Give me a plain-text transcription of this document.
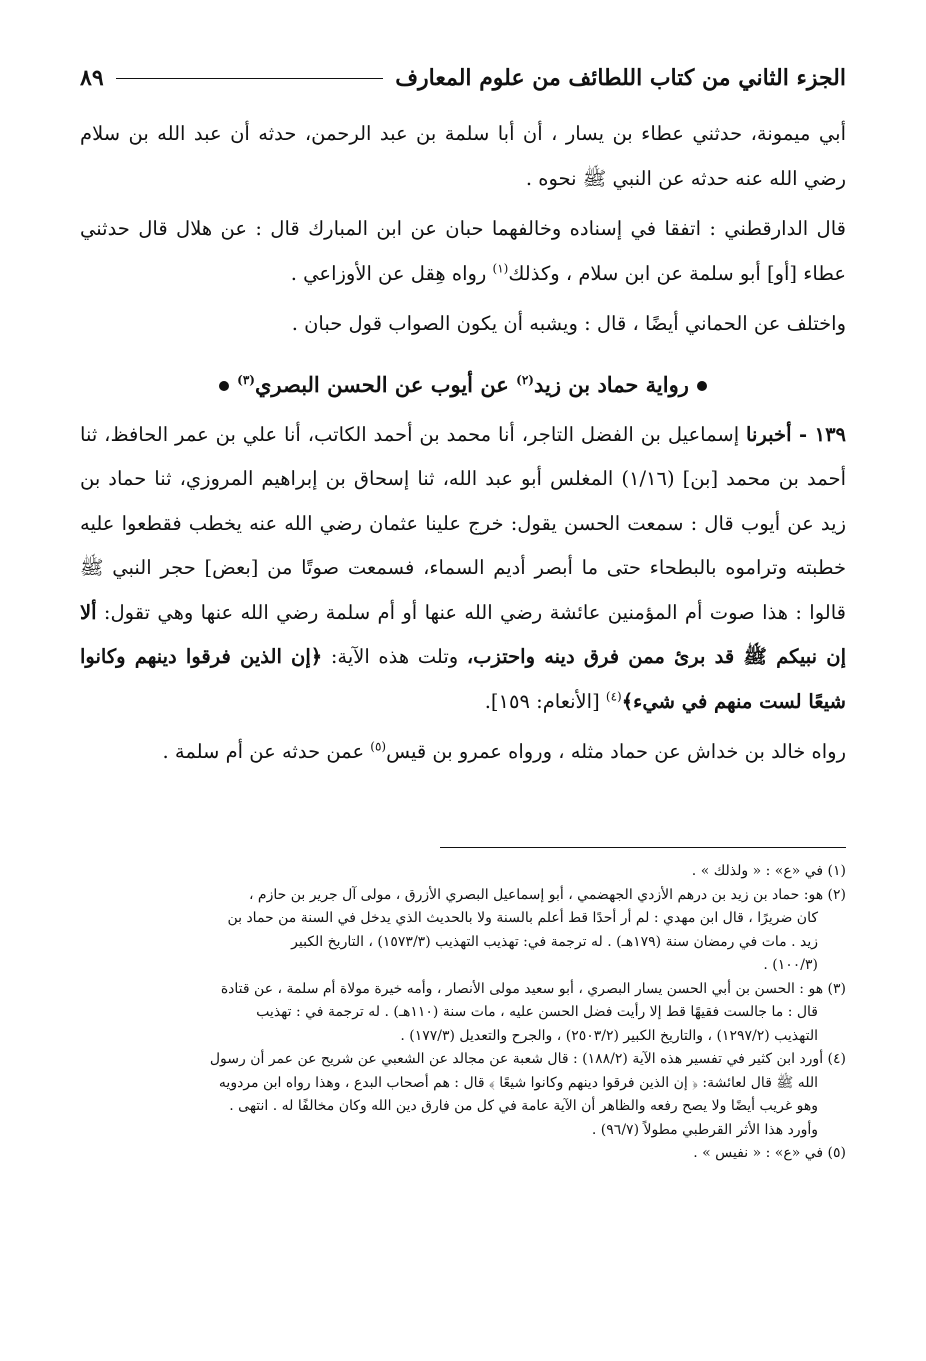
الجزء الثاني من كتاب اللطائف من علوم المعارف
٨٩

أبي ميمونة، حدثني عطاء بن يسار ، أن أبا سلمة بن عبد الرحمن، حدثه أن عبد الله بن سلام رضي الله عنه حدثه عن النبي ﷺ نحوه .

قال الدارقطني : اتفقا في إسناده وخالفهما حبان عن ابن المبارك قال : عن هلال قال حدثني عطاء [أو] أبو سلمة عن ابن سلام ، وكذلك$^{(١)}$ رواه هِقل عن الأوزاعي .

واختلف عن الحماني أيضًا ، قال : ويشبه أن يكون الصواب قول حبان .

رواية حماد بن زيد$^{(٢)}$ عن أيوب عن الحسن البصري$^{(٣)}$

١٣٩ - أخبرنا إسماعيل بن الفضل التاجر، أنا محمد بن أحمد الكاتب، أنا علي بن عمر الحافظ، ثنا أحمد بن محمد [بن] (١/١٦) المغلس أبو عبد الله، ثنا إسحاق بن إبراهيم المروزي، ثنا حماد بن زيد عن أيوب قال : سمعت الحسن يقول: خرج علينا عثمان رضي الله عنه يخطب فقطعوا عليه خطبته وتراموه بالبطحاء حتى ما أبصر أديم السماء، فسمعت صوتًا من [بعض] حجر النبي ﷺ قالوا : هذا صوت أم المؤمنين عائشة رضي الله عنها أو أم سلمة رضي الله عنها وهي تقول: ألا إن نبيكم ﷺ قد برئ ممن فرق دينه واحتزب، وتلت هذه الآية: ﴿إن الذين فرقوا دينهم وكانوا شيعًا لست منهم في شيء﴾$^{(٤)}$ [الأنعام: ١٥٩].

رواه خالد بن خداش عن حماد مثله ، ورواه عمرو بن قيس$^{(٥)}$ عمن حدثه عن أم سلمة .

(١) في «ع» : « ولذلك » .

(٢) هو: حماد بن زيد بن درهم الأزدي الجهضمي ، أبو إسماعيل البصري الأزرق ، مولى آل جرير بن حازم ،

كان ضريرًا ، قال ابن مهدي : لم أر أحدًا قط أعلم بالسنة ولا بالحديث الذي يدخل في السنة من حماد بن

زيد . مات في رمضان سنة (١٧٩هـ) . له ترجمة في: تهذيب التهذيب (١٥٧٣/٣) ، التاريخ الكبير

(١٠٠/٣) .

(٣) هو : الحسن بن أبي الحسن يسار البصري ، أبو سعيد مولى الأنصار ، وأمه خيرة مولاة أم سلمة ، عن قتادة

قال : ما جالست فقيهًا قط إلا رأيت فضل الحسن عليه ، مات سنة (١١٠هـ) . له ترجمة في : تهذيب

التهذيب (١٢٩٧/٢) ، والتاريخ الكبير (٢٥٠٣/٢) ، والجرح والتعديل (١٧٧/٣) .

(٤) أورد ابن كثير في تفسير هذه الآية (١٨٨/٢) : قال شعبة عن مجالد عن الشعبي عن شريح عن عمر أن رسول

الله ﷺ قال لعائشة: ﴿ إن الذين فرقوا دينهم وكانوا شيعًا ﴾ قال : هم أصحاب البدع ، وهذا رواه ابن مردويه

وهو غريب أيضًا ولا يصح رفعه والظاهر أن الآية عامة في كل من فارق دين الله وكان مخالفًا له . انتهى .

وأورد هذا الأثر القرطبي مطولاً (٩٦/٧) .

(٥) في «ع» : « نفيس » .
